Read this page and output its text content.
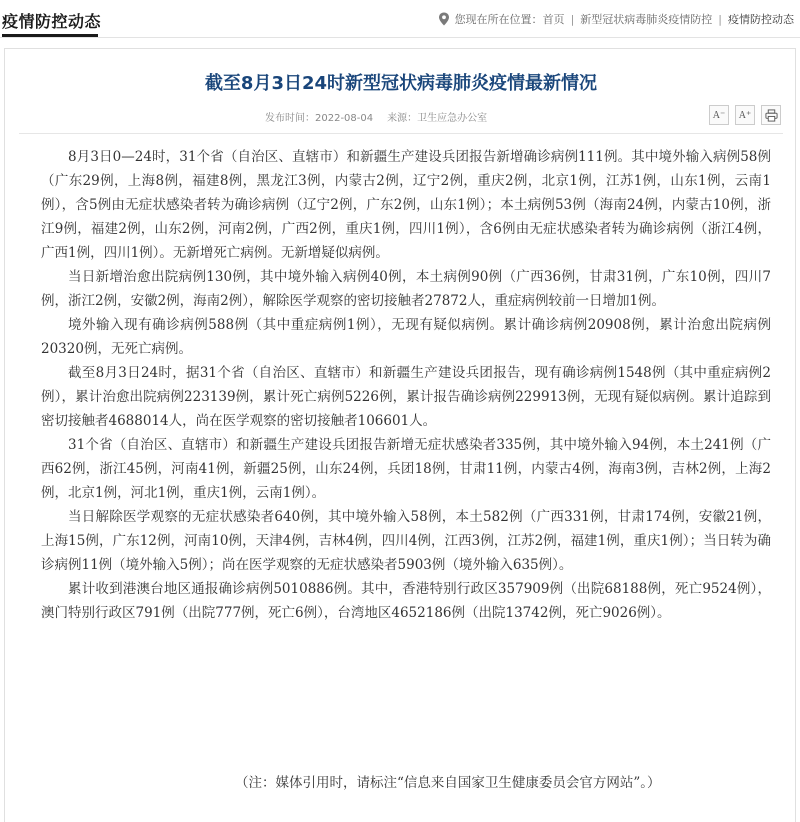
疫情防控动态	您现在所在位置： 首页 | 新型冠状病毒肺炎疫情防控 | 疫情防控动态
截至8月3日24时新型冠状病毒肺炎疫情最新情况
发布时间：2022-08-04 来源：卫生应急办公室	A⁻	A⁺

8月3日0—24时，31个省（自治区、直辖市）和新疆生产建设兵团报告新增确诊病例111例。其中境外输入病例58例（广东29例，上海8例，福建8例，黑龙江3例，内蒙古2例，辽宁2例，重庆2例，北京1例，江苏1例，山东1例，云南1例），含5例由无症状感染者转为确诊病例（辽宁2例，广东2例，山东1例）；本土病例53例（海南24例，内蒙古10例，浙江9例，福建2例，山东2例，河南2例，广西2例，重庆1例，四川1例），含6例由无症状感染者转为确诊病例（浙江4例，广西1例，四川1例）。无新增死亡病例。无新增疑似病例。

当日新增治愈出院病例130例，其中境外输入病例40例，本土病例90例（广西36例，甘肃31例，广东10例，四川7例，浙江2例，安徽2例，海南2例），解除医学观察的密切接触者27872人，重症病例较前一日增加1例。

境外输入现有确诊病例588例（其中重症病例1例），无现有疑似病例。累计确诊病例20908例，累计治愈出院病例20320例，无死亡病例。

截至8月3日24时，据31个省（自治区、直辖市）和新疆生产建设兵团报告，现有确诊病例1548例（其中重症病例2例），累计治愈出院病例223139例，累计死亡病例5226例，累计报告确诊病例229913例，无现有疑似病例。累计追踪到密切接触者4688014人，尚在医学观察的密切接触者106601人。

31个省（自治区、直辖市）和新疆生产建设兵团报告新增无症状感染者335例，其中境外输入94例，本土241例（广西62例，浙江45例，河南41例，新疆25例，山东24例，兵团18例，甘肃11例，内蒙古4例，海南3例，吉林2例，上海2例，北京1例，河北1例，重庆1例，云南1例）。

当日解除医学观察的无症状感染者640例，其中境外输入58例，本土582例（广西331例，甘肃174例，安徽21例，上海15例，广东12例，河南10例，天津4例，吉林4例，四川4例，江西3例，江苏2例，福建1例，重庆1例）；当日转为确诊病例11例（境外输入5例）；尚在医学观察的无症状感染者5903例（境外输入635例）。

累计收到港澳台地区通报确诊病例5010886例。其中，香港特别行政区357909例（出院68188例，死亡9524例），澳门特别行政区791例（出院777例，死亡6例），台湾地区4652186例（出院13742例，死亡9026例）。

（注：媒体引用时，请标注“信息来自国家卫生健康委员会官方网站”。）
